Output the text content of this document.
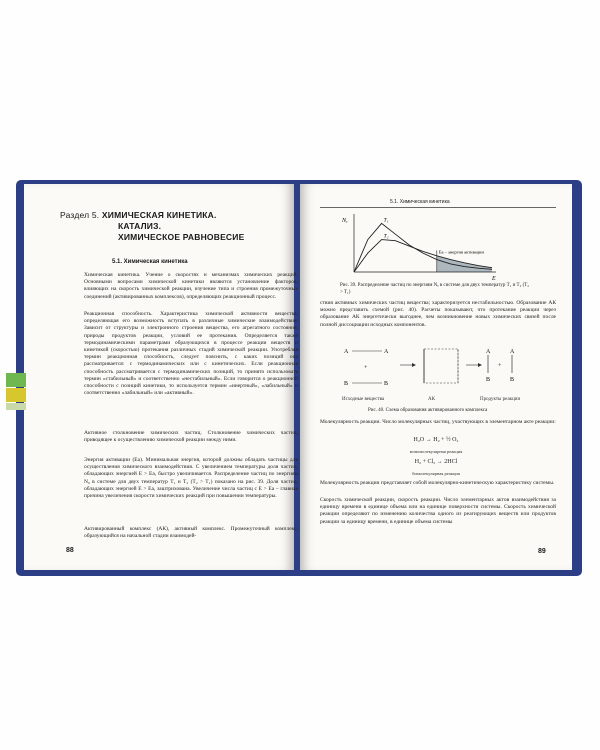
Раздел 5. ХИМИЧЕСКАЯ КИНЕТИКА.
КАТАЛИЗ.
ХИМИЧЕСКОЕ РАВНОВЕСИЕ
5.1. Химическая кинетика
Химическая кинетика. Учение о скоростях и механизмах химических реакций. Основными вопросами химической кинетики являются установление факторов, влияющих на скорость химической реакции, изучение типа и строения промежуточных соединений (активированных комплексов), определяющих реакционный процесс.
Реакционная способность. Характеристика химической активности вещества, определяющая его возможность вступать в различные химические взаимодействия. Зависит от структуры и электронного строения вещества, его агрегатного состояния, природы продуктов реакции, условий ее протекания. Определяется также термодинамическими параметрами образующихся в процессе реакции веществ и кинетикой (скоростью) протекания различных стадий химической реакции. Употребляя термин реакционная способность, следует пояснить, с каких позиций она рассматривается: с термодинамических или с кинетических. Если реакционная способность рассматривается с термодинамических позиций, то принято использовать термин «стабильный» и соответственно «нестабильный». Если говорится о реакционной способности с позиций кинетики, то используется термин «инертный», «лабильный» и соответственно «лабильный» или «активный».
Активное столкновение химических частиц. Столкновение химических частиц, приводящее к осуществлению химической реакции между ними.
Энергия активации (Eа). Минимальная энергия, которой должны обладать частицы для осуществления химического взаимодействия. С увеличением температуры доля частиц, обладающих энергией E > Eа, быстро увеличивается. Распределение частиц по энергиям N₀ в системе для двух температур T₁ и T₂ (T₂ > T₁) показано на рис. 39. Доля частиц, обладающих энергией E > Eа, заштрихована. Увеличение числа частиц с E > Eа – главная причина увеличения скорости химических реакций при повышении температуры.
Активированный комплекс (АК), активный комплекс. Промежуточный комплекс, образующийся на начальной стадии взаимодей-
88
5.1. Химическая кинетика
Nₑ
E
T₁
T₂
Eа – энергия активации
Рис. 39. Распределение частиц по энергиям Nₑ в системе для двух температур T₁ и T₂ (T₂ > T₁)
ствия активных химических частиц вещества; характеризуется нестабильностью. Образование АК можно представить схемой (рис. 40). Расчеты показывают, что протекание реакции через образование АК энергетически выгоднее, чем возникновение новых химических связей после полной диссоциации исходных компонентов.
A	A
+
B	B
A
B
+
A
B
Исходные вещества	АК	Продукты реакции
Рис. 40. Схема образования активированного комплекса
Молекулярность реакции. Число молекулярных частиц, участвующих в элементарном акте реакции:
H₂O → H₂ + ½ O₂
мономолекулярная реакция
H₂ + Cl₂ → 2HCl
бимолекулярная реакция
Молекулярность реакции представляет собой молекулярно-кинетическую характеристику системы.
Скорость химической реакции, скорость реакции. Число элементарных актов взаимодействия за единицу времени в единице объема или на единице поверхности системы. Скорость химической реакции определяют по изменению количества одного из реагирующих веществ или продуктов реакции за единицу времени, в единице объема системы
89
